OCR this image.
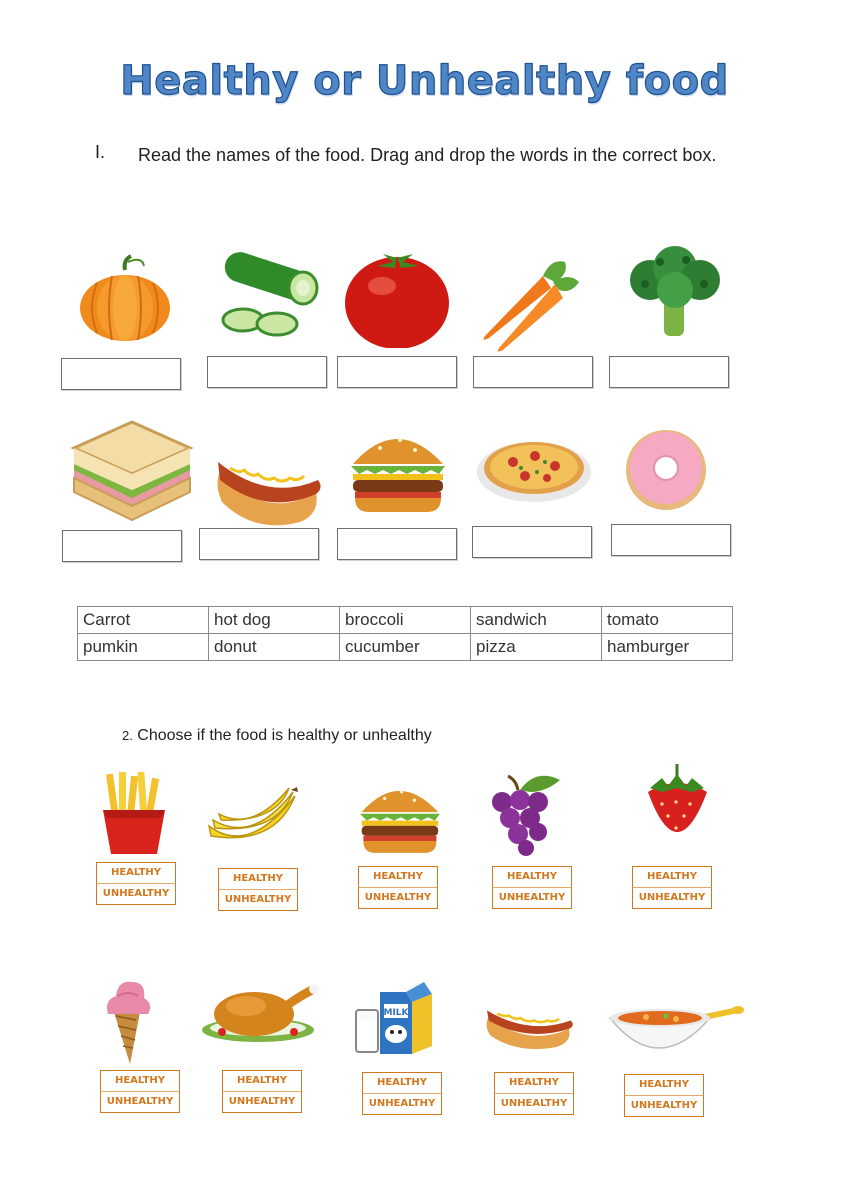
Healthy or Unhealthy food
I. Read the names of the food. Drag and drop the words in the correct box.
Carrot	hot dog	broccoli	sandwich	tomato
pumkin	donut	cucumber	pizza	hamburger
2. Choose if the food is healthy or unhealthy
HEALTHY
UNHEALTHY
HEALTHY
UNHEALTHY
HEALTHY
UNHEALTHY
HEALTHY
UNHEALTHY
HEALTHY
UNHEALTHY
MILK
HEALTHY
UNHEALTHY
HEALTHY
UNHEALTHY
HEALTHY
UNHEALTHY
HEALTHY
UNHEALTHY
HEALTHY
UNHEALTHY
